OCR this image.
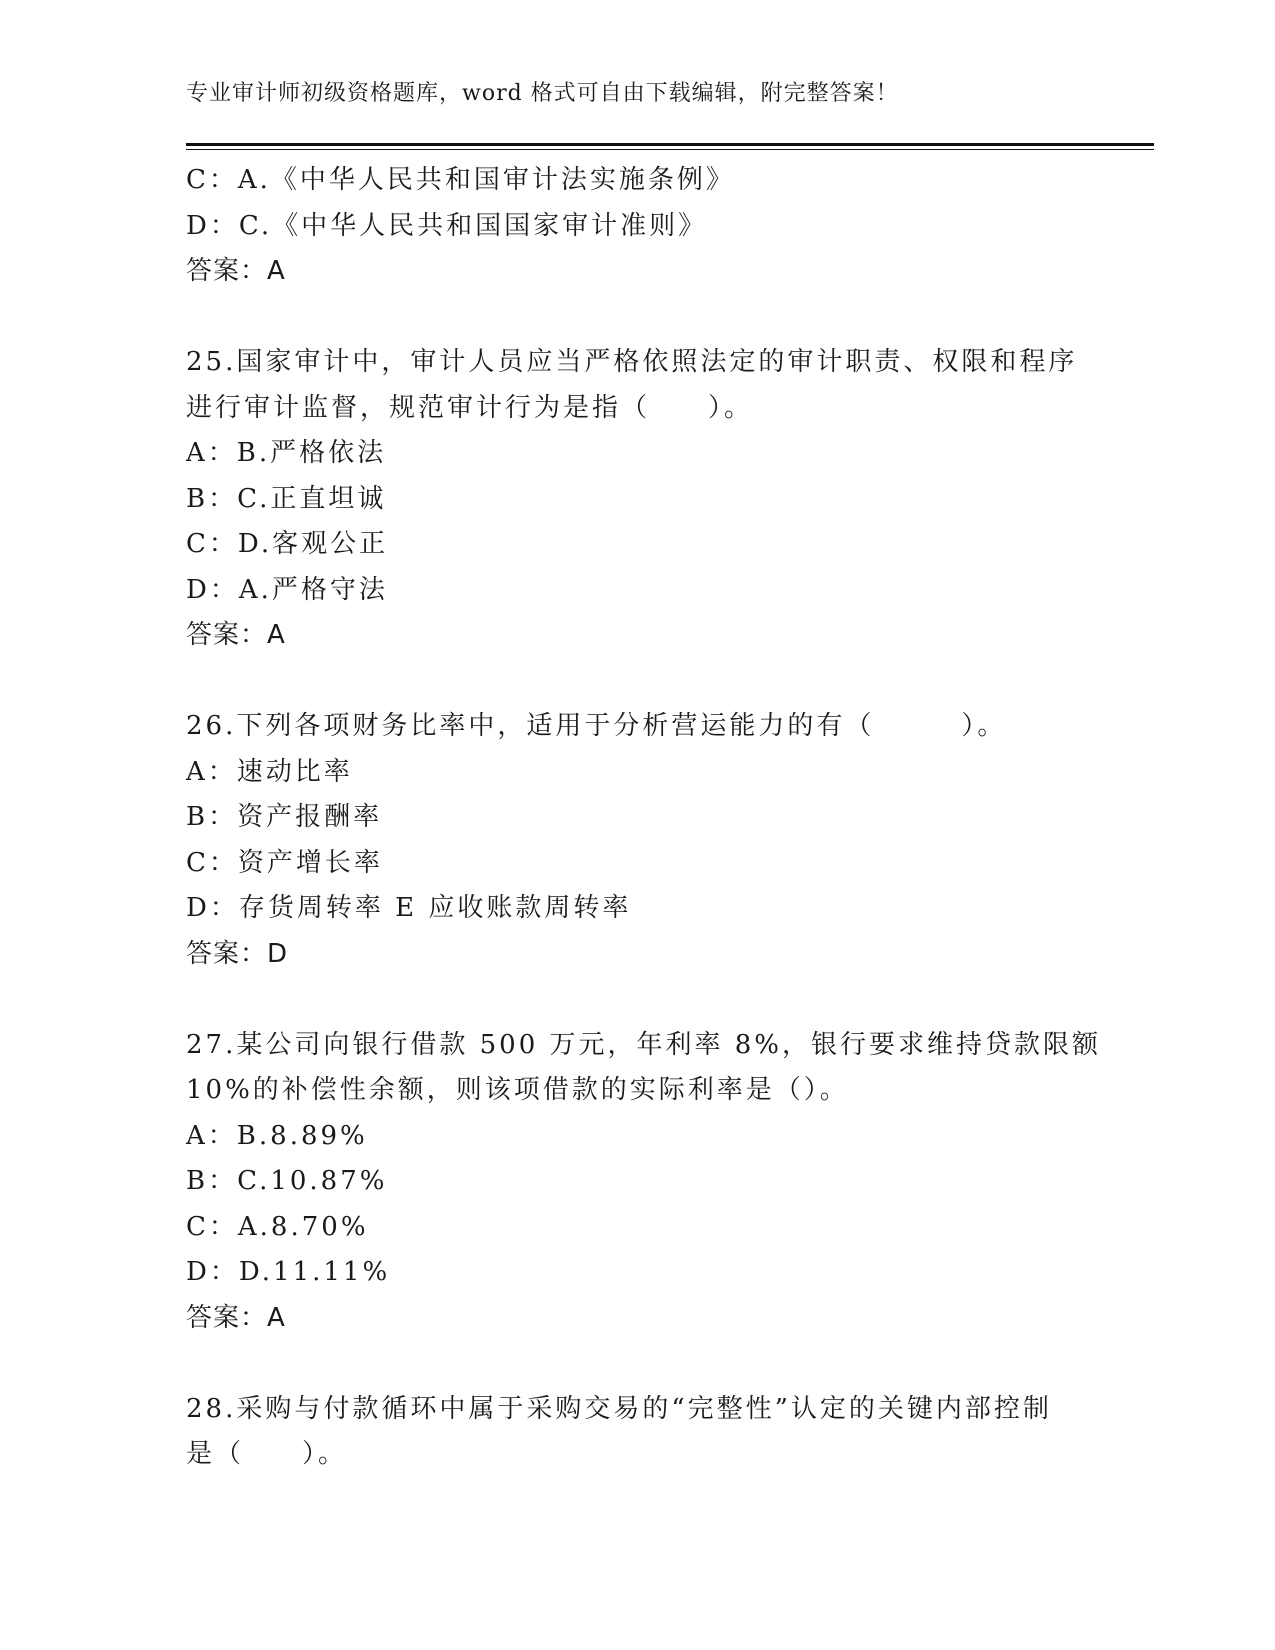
专业审计师初级资格题库，word 格式可自由下载编辑，附完整答案！
C：A.《中华人民共和国审计法实施条例》
D：C.《中华人民共和国国家审计准则》
答案：A
25.国家审计中，审计人员应当严格依照法定的审计职责、权限和程序
进行审计监督，规范审计行为是指（　　）。
A：B.严格依法
B：C.正直坦诚
C：D.客观公正
D：A.严格守法
答案：A
26.下列各项财务比率中，适用于分析营运能力的有（　　　）。
A：速动比率
B：资产报酬率
C：资产增长率
D：存货周转率 E 应收账款周转率
答案：D
27.某公司向银行借款 500 万元，年利率 8%，银行要求维持贷款限额
10%的补偿性余额，则该项借款的实际利率是（）。
A：B.8.89%
B：C.10.87%
C：A.8.70%
D：D.11.11%
答案：A
28.采购与付款循环中属于采购交易的“完整性”认定的关键内部控制
是（　　）。
